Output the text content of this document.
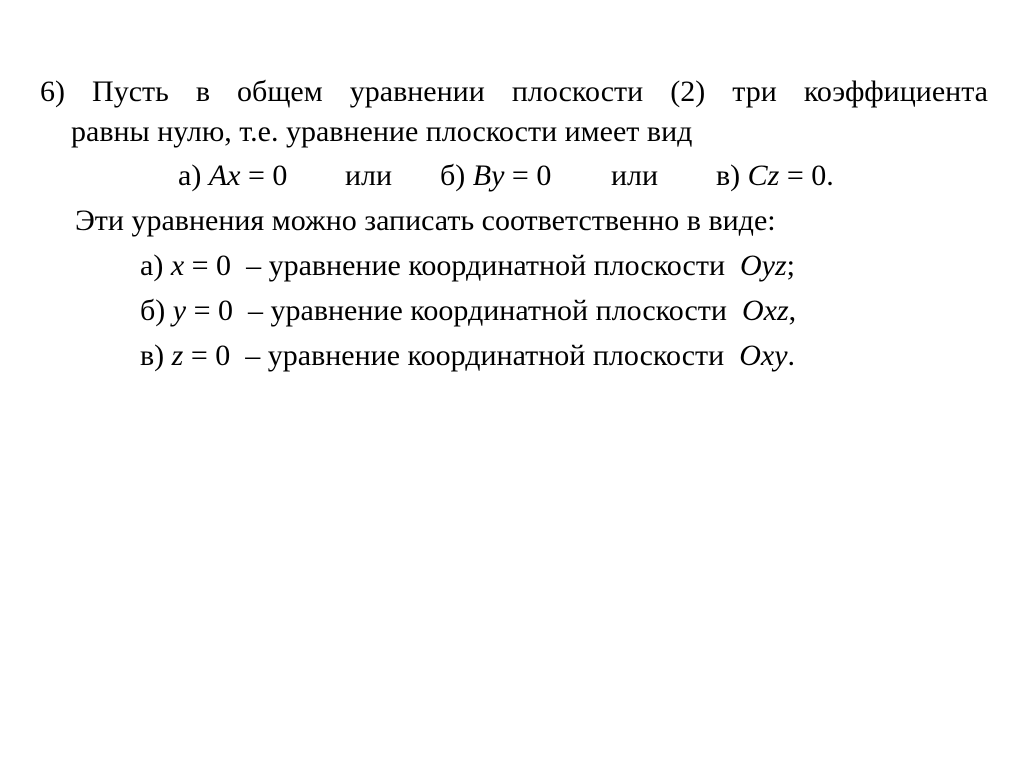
6) Пусть в общем уравнении плоскости (2) три коэффициента
равны нулю, т.е. уравнение плоскости имеет вид
а) Ax = 0 или б) By = 0 или в) Cz = 0.
Эти уравнения можно записать соответственно в виде:
а) x = 0 – уравнение координатной плоскости Oyz;
б) y = 0 – уравнение координатной плоскости Oxz,
в) z = 0 – уравнение координатной плоскости Oxy.
